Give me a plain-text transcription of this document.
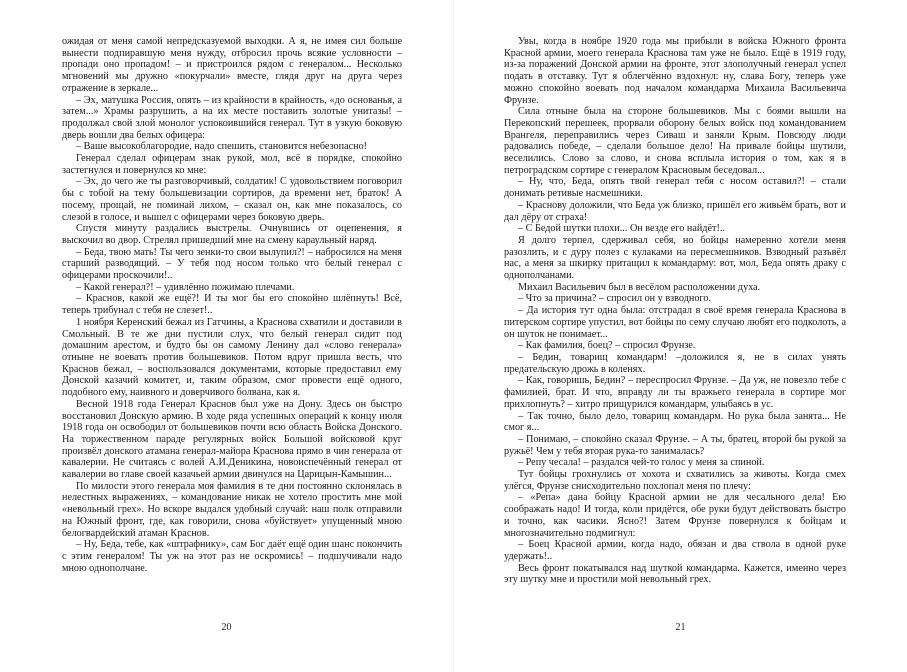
ожидая от меня самой непредсказуемой выходки. А я, не имея сил больше вынести подпиравшую меня нужду, отбросил прочь всякие условности – пропади оно пропадом! – и пристроился рядом с генералом... Несколько мгновений мы дружно «покурчали» вместе, глядя друг на друга через отражение в зеркале...

– Эх, матушка Россия, опять – из крайности в крайность, «до основанья, а затем...» Храмы разрушить, а на их месте поставить золотые унитазы! – продолжал свой злой монолог успокоившийся генерал. Тут в узкую боковую дверь вошли два белых офицера:

– Ваше высокоблагородие, надо спешить, становится небезопасно!

Генерал сделал офицерам знак рукой, мол, всё в порядке, спокойно застегнулся и повернулся ко мне:

– Эх, до чего же ты разговорчивый, солдатик! С удовольствием поговорил бы с тобой на тему большевизации сортиров, да времени нет, браток! А посему, прощай, не поминай лихом, – сказал он, как мне показалось, со слезой в голосе, и вышел с офицерами через боковую дверь.

Спустя минуту раздались выстрелы. Очнувшись от оцепенения, я выскочил во двор. Стрелял пришедший мне на смену караульный наряд.

– Беда, твою мать! Ты чего зенки-то свои вылупил?! – набросился на меня старший разводящий. – У тебя под носом только что белый генерал с офицерами проскочили!..

– Какой генерал?! – удивлённо пожимаю плечами.

– Краснов, какой же ещё?! И ты мог бы его спокойно шлёпнуть! Всё, теперь трибунал с тебя не слезет!..

1 ноября Керенский бежал из Гатчины, а Краснова схватили и доставили в Смольный. В те же дни пустили слух, что белый генерал сидит под домашним арестом, и будто бы он самому Ленину дал «слово генерала» отныне не воевать против большевиков. Потом вдруг пришла весть, что Краснов бежал, – воспользовался документами, которые предоставил ему Донской казачий комитет, и, таким образом, смог провести ещё одного, подобного ему, наивного и доверчивого болвана, как я.

Весной 1918 года Генерал Краснов был уже на Дону. Здесь он быстро восстановил Донскую армию. В ходе ряда успешных операций к концу июля 1918 года он освободил от большевиков почти всю область Войска Донского. На торжественном параде регулярных войск Большой войсковой круг произвёл донского атамана генерал-майора Краснова прямо в чин генерала от кавалерии. Не считаясь с волей А.И.Деникина, новоиспечённый генерал от кавалерии во главе своей казачьей армии двинулся на Царицын-Камышин...

По милости этого генерала моя фамилия в те дни постоянно склонялась в нелестных выражениях, – командование никак не хотело простить мне мой «невольный грех». Но вскоре выдался удобный случай: наш полк отправили на Южный фронт, где, как говорили, снова «буйствует» упущенный мною белогвардейский атаман Краснов.

– Ну, Беда, тебе, как «штрафнику», сам Бог даёт ещё один шанс покончить с этим генералом! Ты уж на этот раз не оскромись! – подшучивали надо мною однополчане.

20

Увы, когда в ноябре 1920 года мы прибыли в войска Южного фронта Красной армии, моего генерала Краснова там уже не было. Ещё в 1919 году, из-за поражений Донской армии на фронте, этот злополучный генерал успел подать в отставку. Тут я облегчённо вздохнул: ну, слава Богу, теперь уже можно спокойно воевать под началом командарма Михаила Васильевича Фрунзе.

Сила отныне была на стороне большевиков. Мы с боями вышли на Перекопский перешеек, прорвали оборону белых войск под командованием Врангеля, переправились через Сиваш и заняли Крым. Повсюду люди радовались победе, – сделали большое дело! На привале бойцы шутили, веселились. Слово за слово, и снова всплыла история о том, как я в петроградском сортире с генералом Красновым беседовал...

– Ну, что, Беда, опять твой генерал тебя с носом оставил?! – стали донимать ретивые насмешники.

– Краснову доложили, что Беда уж близко, пришёл его живьём брать, вот и дал дёру от страха!

– С Бедой шутки плохи... Он везде его найдёт!..

Я долго терпел, сдерживал себя, но бойцы намеренно хотели меня разозлить, и с дуру полез с кулаками на пересмешников. Взводный разъвёл нас, а меня за шкирку притащил к командарму: вот, мол, Беда опять драку с однополчанами.

Михаил Васильевич был в весёлом расположении духа.

– Что за причина? – спросил он у взводного.

– Да история тут одна была: отстрадал в своё время генерала Краснова в питерском сортире упустил, вот бойцы по сему случаю любят его подколоть, а он шуток не понимает...

– Как фамилия, боец? – спросил Фрунзе.

– Бедин, товарищ командарм! –доложился я, не в силах унять предательскую дрожь в коленях.

– Как, говоришь, Бедин? – переспросил Фрунзе. – Да уж, не повезло тебе с фамилией, брат. И что, вправду ли ты вражьего генерала в сортире мог прихлопнуть? – хитро прищурился командарм, улыбаясь в ус.

– Так точно, было дело, товарищ командарм. Но рука была занята... Не смог я...

– Понимаю, – спокойно сказал Фрунзе. – А ты, братец, второй бы рукой за ружьё! Чем у тебя вторая рука-то занималась?

– Репу чесала! – раздался чей-то голос у меня за спиной.

Тут бойцы грохнулись от хохота и схватились за животы. Когда смех улёгся, Фрунзе снисходительно похлопал меня по плечу:

– «Репа» дана бойцу Красной армии не для чесального дела! Ею соображать надо! И тогда, коли придётся, обе руки будут действовать быстро и точно, как часики. Ясно?! Затем Фрунзе повернулся к бойцам и многозначительно подмигнул:

– Боец Красной армии, когда надо, обязан и два ствола в одной руке удержать!..

Весь фронт покатывался над шуткой командарма. Кажется, именно через эту шутку мне и простили мой невольный грех.

21
